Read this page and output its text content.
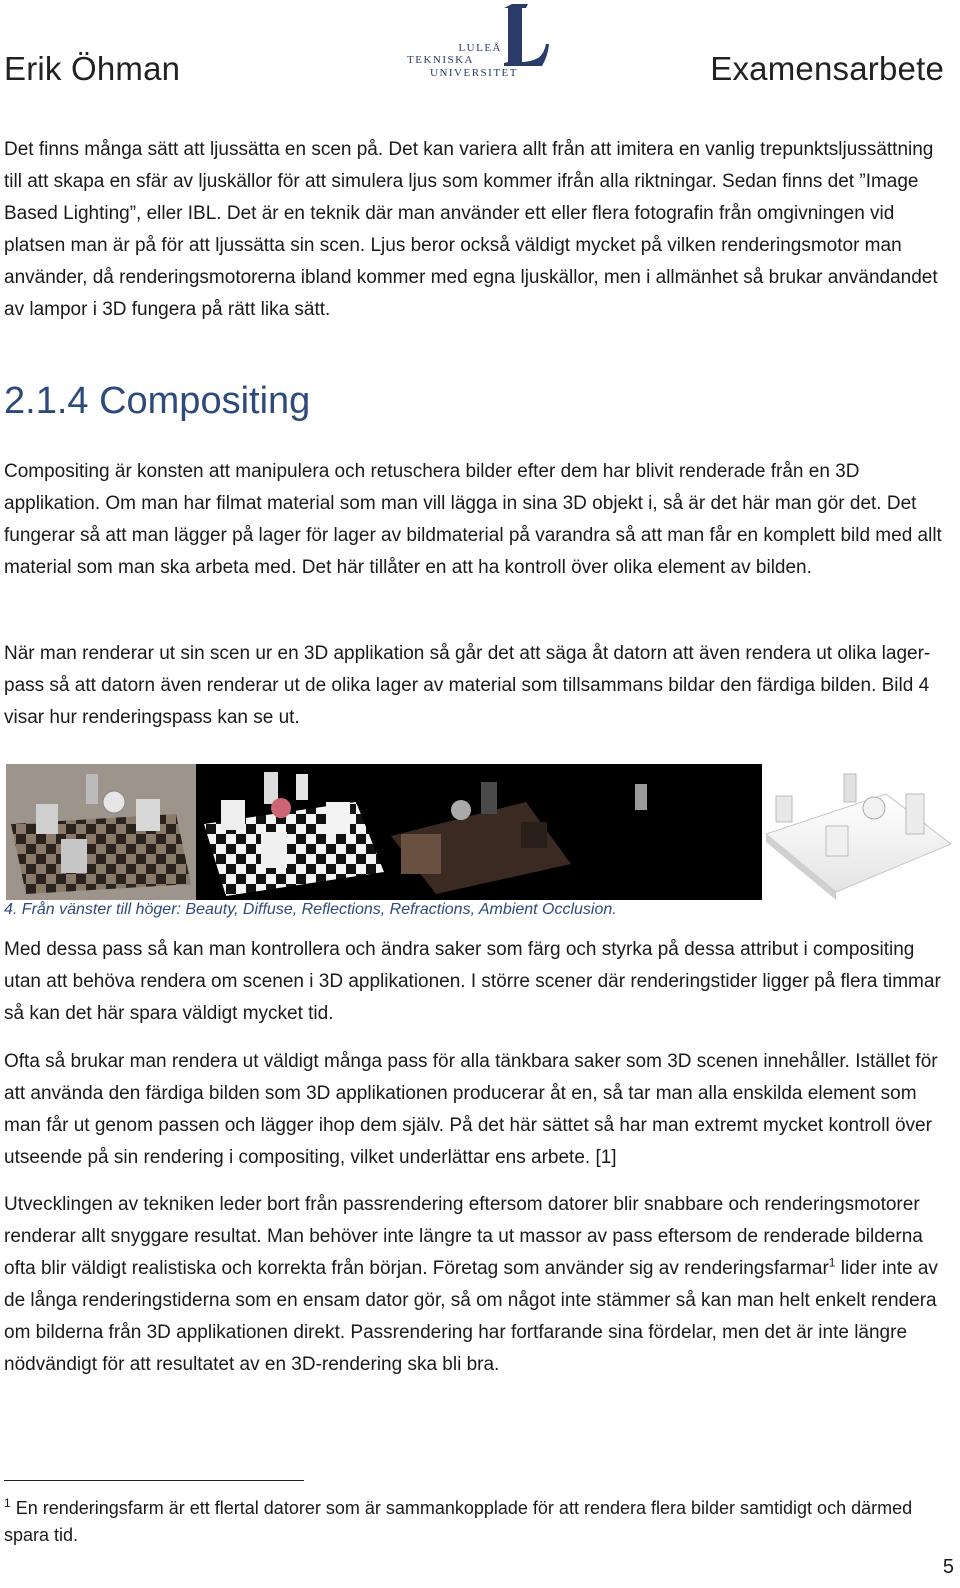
Erik Öhman
LULEÅ
TEKNISKA
UNIVERSITET	Examensarbete
Det finns många sätt att ljussätta en scen på. Det kan variera allt från att imitera en vanlig trepunktsljussättning till att skapa en sfär av ljuskällor för att simulera ljus som kommer ifrån alla riktningar. Sedan finns det ”Image Based Lighting”, eller IBL. Det är en teknik där man använder ett eller flera fotografin från omgivningen vid platsen man är på för att ljussätta sin scen. Ljus beror också väldigt mycket på vilken renderingsmotor man använder, då renderingsmotorerna ibland kommer med egna ljuskällor, men i allmänhet så brukar användandet av lampor i 3D fungera på rätt lika sätt.
2.1.4 Compositing
Compositing är konsten att manipulera och retuschera bilder efter dem har blivit renderade från en 3D applikation. Om man har filmat material som man vill lägga in sina 3D objekt i, så är det här man gör det. Det fungerar så att man lägger på lager för lager av bildmaterial på varandra så att man får en komplett bild med allt material som man ska arbeta med. Det här tillåter en att ha kontroll över olika element av bilden.
När man renderar ut sin scen ur en 3D applikation så går det att säga åt datorn att även rendera ut olika lager-pass så att datorn även renderar ut de olika lager av material som tillsammans bildar den färdiga bilden. Bild 4 visar hur renderingspass kan se ut.
4. Från vänster till höger: Beauty, Diffuse, Reflections, Refractions, Ambient Occlusion.
Med dessa pass så kan man kontrollera och ändra saker som färg och styrka på dessa attribut i compositing utan att behöva rendera om scenen i 3D applikationen. I större scener där renderingstider ligger på flera timmar så kan det här spara väldigt mycket tid.
Ofta så brukar man rendera ut väldigt många pass för alla tänkbara saker som 3D scenen innehåller. Istället för att använda den färdiga bilden som 3D applikationen producerar åt en, så tar man alla enskilda element som man får ut genom passen och lägger ihop dem själv. På det här sättet så har man extremt mycket kontroll över utseende på sin rendering i compositing, vilket underlättar ens arbete. [1]
Utvecklingen av tekniken leder bort från passrendering eftersom datorer blir snabbare och renderingsmotorer renderar allt snyggare resultat. Man behöver inte längre ta ut massor av pass eftersom de renderade bilderna ofta blir väldigt realistiska och korrekta från början. Företag som använder sig av renderingsfarmar$^1$ lider inte av de långa renderingstiderna som en ensam dator gör, så om något inte stämmer så kan man helt enkelt rendera om bilderna från 3D applikationen direkt. Passrendering har fortfarande sina fördelar, men det är inte längre nödvändigt för att resultatet av en 3D-rendering ska bli bra.
$^1$ En renderingsfarm är ett flertal datorer som är sammankopplade för att rendera flera bilder samtidigt och därmed spara tid.
5
